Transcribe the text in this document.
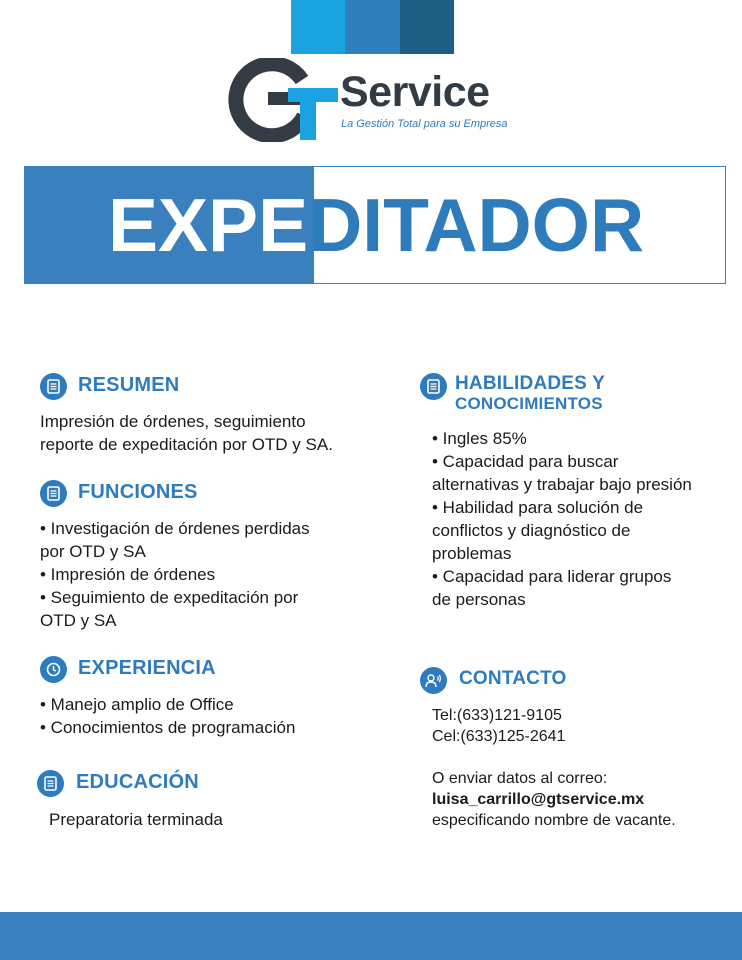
Service
La Gestión Total para su Empresa
EXPE DITADOR
RESUMEN
Impresión de órdenes, seguimiento
reporte de expeditación por OTD y SA.
FUNCIONES
• Investigación de órdenes perdidas
por OTD y SA
• Impresión de órdenes
• Seguimiento de expeditación por
OTD y SA
EXPERIENCIA
• Manejo amplio de Office
• Conocimientos de programación
EDUCACIÓN
Preparatoria terminada
HABILIDADES Y
CONOCIMIENTOS
• Ingles 85%
• Capacidad para buscar
alternativas y trabajar bajo presión
• Habilidad para solución de
conflictos y diagnóstico de
problemas
• Capacidad para liderar grupos
de personas
CONTACTO
Tel:(633)121-9105
Cel:(633)125-2641
O enviar datos al correo:
luisa_carrillo@gtservice.mx
especificando nombre de vacante.
